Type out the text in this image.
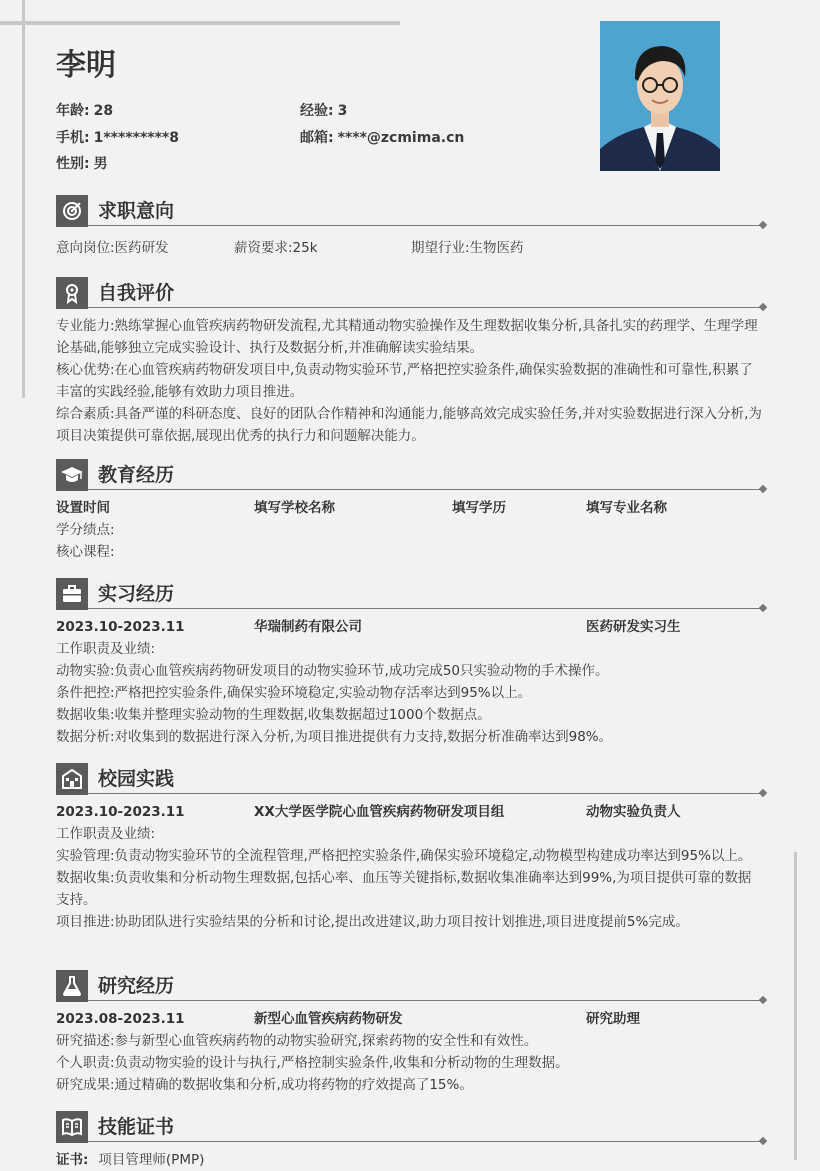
李明
年龄: 28	经验: 3
手机: 1*********8	邮箱: ****@zcmima.cn
性别: 男
求职意向
意向岗位:医药研发	薪资要求:25k	期望行业:生物医药
自我评价

专业能力:熟练掌握心血管疾病药物研发流程,尤其精通动物实验操作及生理数据收集分析,具备扎实的药理学、生理学理论基础,能够独立完成实验设计、执行及数据分析,并准确解读实验结果。

核心优势:在心血管疾病药物研发项目中,负责动物实验环节,严格把控实验条件,确保实验数据的准确性和可靠性,积累了丰富的实践经验,能够有效助力项目推进。

综合素质:具备严谨的科研态度、良好的团队合作精神和沟通能力,能够高效完成实验任务,并对实验数据进行深入分析,为项目决策提供可靠依据,展现出优秀的执行力和问题解决能力。

教育经历
设置时间	填写学校名称	填写学历	填写专业名称
学分绩点:
核心课程:
实习经历
2023.10-2023.11	华瑞制药有限公司	医药研发实习生
工作职责及业绩:
动物实验:负责心血管疾病药物研发项目的动物实验环节,成功完成50只实验动物的手术操作。
条件把控:严格把控实验条件,确保实验环境稳定,实验动物存活率达到95%以上。
数据收集:收集并整理实验动物的生理数据,收集数据超过1000个数据点。
数据分析:对收集到的数据进行深入分析,为项目推进提供有力支持,数据分析准确率达到98%。
校园实践
2023.10-2023.11	XX大学医学院心血管疾病药物研发项目组	动物实验负责人
工作职责及业绩:

实验管理:负责动物实验环节的全流程管理,严格把控实验条件,确保实验环境稳定,动物模型构建成功率达到95%以上。

数据收集:负责收集和分析动物生理数据,包括心率、血压等关键指标,数据收集准确率达到99%,为项目提供可靠的数据支持。

项目推进:协助团队进行实验结果的分析和讨论,提出改进建议,助力项目按计划推进,项目进度提前5%完成。

研究经历
2023.08-2023.11	新型心血管疾病药物研发	研究助理
研究描述:参与新型心血管疾病药物的动物实验研究,探索药物的安全性和有效性。
个人职责:负责动物实验的设计与执行,严格控制实验条件,收集和分析动物的生理数据。
研究成果:通过精确的数据收集和分析,成功将药物的疗效提高了15%。
技能证书
证书: 项目管理师(PMP)
